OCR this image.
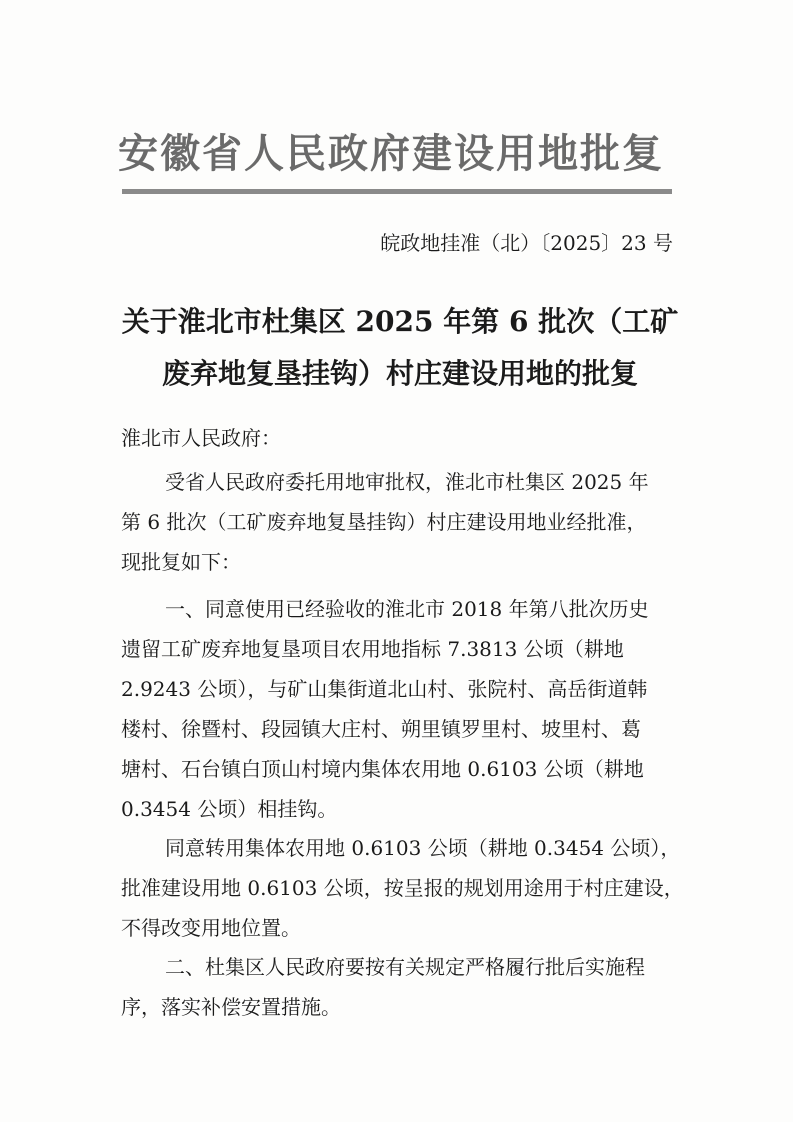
安徽省人民政府建设用地批复
皖政地挂准（北）〔2025〕23 号
关于淮北市杜集区 2025 年第 6 批次（工矿
废弃地复垦挂钩）村庄建设用地的批复
淮北市人民政府：
受省人民政府委托用地审批权，淮北市杜集区 2025 年
第 6 批次（工矿废弃地复垦挂钩）村庄建设用地业经批准，
现批复如下：
一、同意使用已经验收的淮北市 2018 年第八批次历史
遗留工矿废弃地复垦项目农用地指标 7.3813 公顷（耕地
2.9243 公顷），与矿山集街道北山村、张院村、高岳街道韩
楼村、徐暨村、段园镇大庄村、朔里镇罗里村、坡里村、葛
塘村、石台镇白顶山村境内集体农用地 0.6103 公顷（耕地
0.3454 公顷）相挂钩。
同意转用集体农用地 0.6103 公顷（耕地 0.3454 公顷），
批准建设用地 0.6103 公顷，按呈报的规划用途用于村庄建设，
不得改变用地位置。
二、杜集区人民政府要按有关规定严格履行批后实施程
序，落实补偿安置措施。
